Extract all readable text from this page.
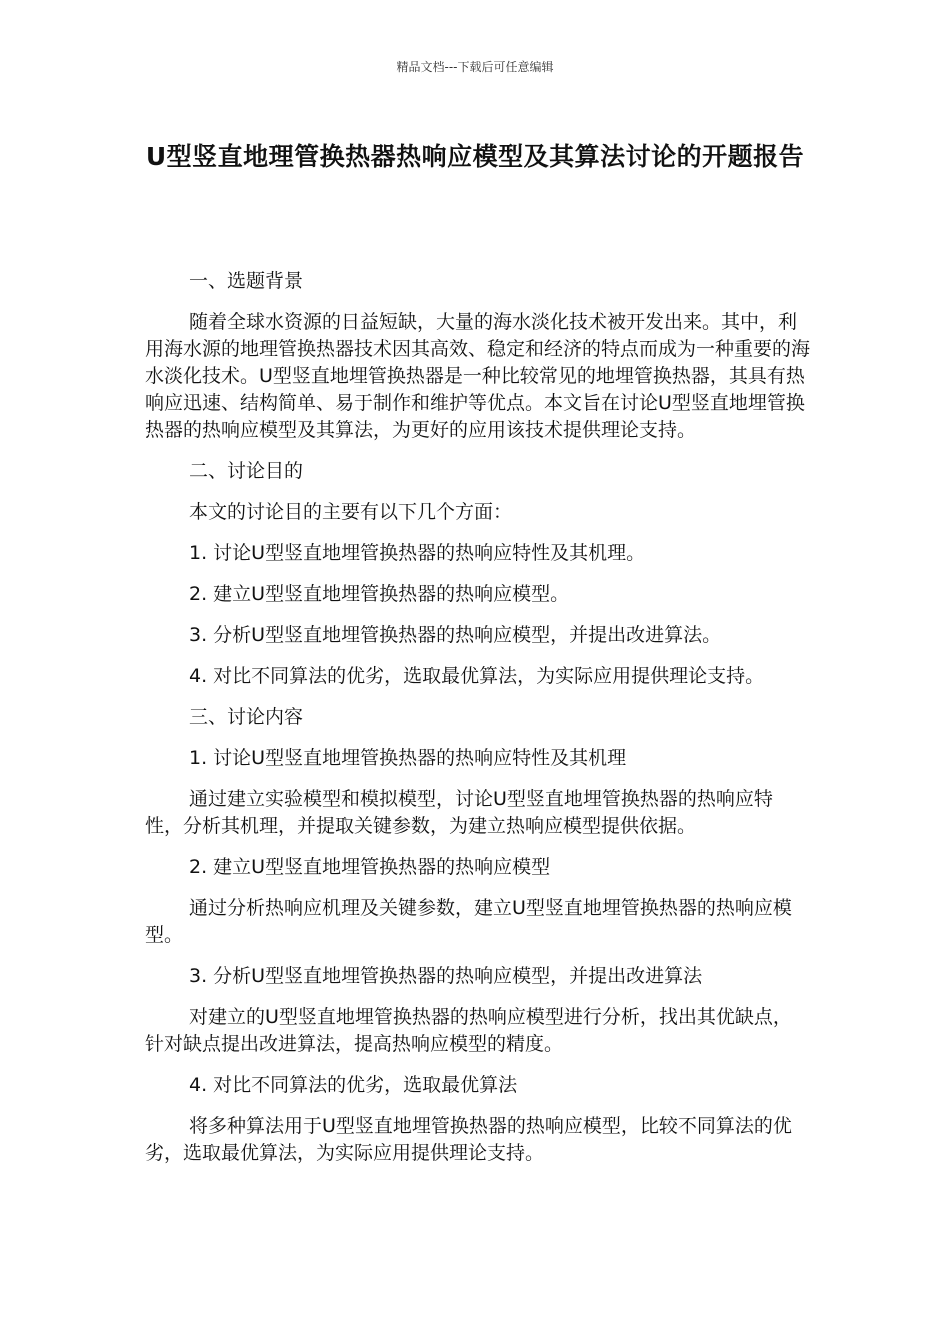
精品文档---下载后可任意编辑
U型竖直地理管换热器热响应模型及其算法讨论的开题报告

一、选题背景

随着全球水资源的日益短缺，大量的海水淡化技术被开发出来。其中，利用海水源的地理管换热器技术因其高效、稳定和经济的特点而成为一种重要的海水淡化技术。U型竖直地埋管换热器是一种比较常见的地埋管换热器，其具有热响应迅速、结构简单、易于制作和维护等优点。本文旨在讨论U型竖直地埋管换热器的热响应模型及其算法，为更好的应用该技术提供理论支持。

二、讨论目的

本文的讨论目的主要有以下几个方面：

1. 讨论U型竖直地埋管换热器的热响应特性及其机理。

2. 建立U型竖直地埋管换热器的热响应模型。

3. 分析U型竖直地埋管换热器的热响应模型，并提出改进算法。

4. 对比不同算法的优劣，选取最优算法，为实际应用提供理论支持。

三、讨论内容

1. 讨论U型竖直地埋管换热器的热响应特性及其机理

通过建立实验模型和模拟模型，讨论U型竖直地埋管换热器的热响应特性，分析其机理，并提取关键参数，为建立热响应模型提供依据。

2. 建立U型竖直地埋管换热器的热响应模型

通过分析热响应机理及关键参数，建立U型竖直地埋管换热器的热响应模型。

3. 分析U型竖直地埋管换热器的热响应模型，并提出改进算法

对建立的U型竖直地埋管换热器的热响应模型进行分析，找出其优缺点，针对缺点提出改进算法，提高热响应模型的精度。

4. 对比不同算法的优劣，选取最优算法

将多种算法用于U型竖直地埋管换热器的热响应模型，比较不同算法的优劣，选取最优算法，为实际应用提供理论支持。
